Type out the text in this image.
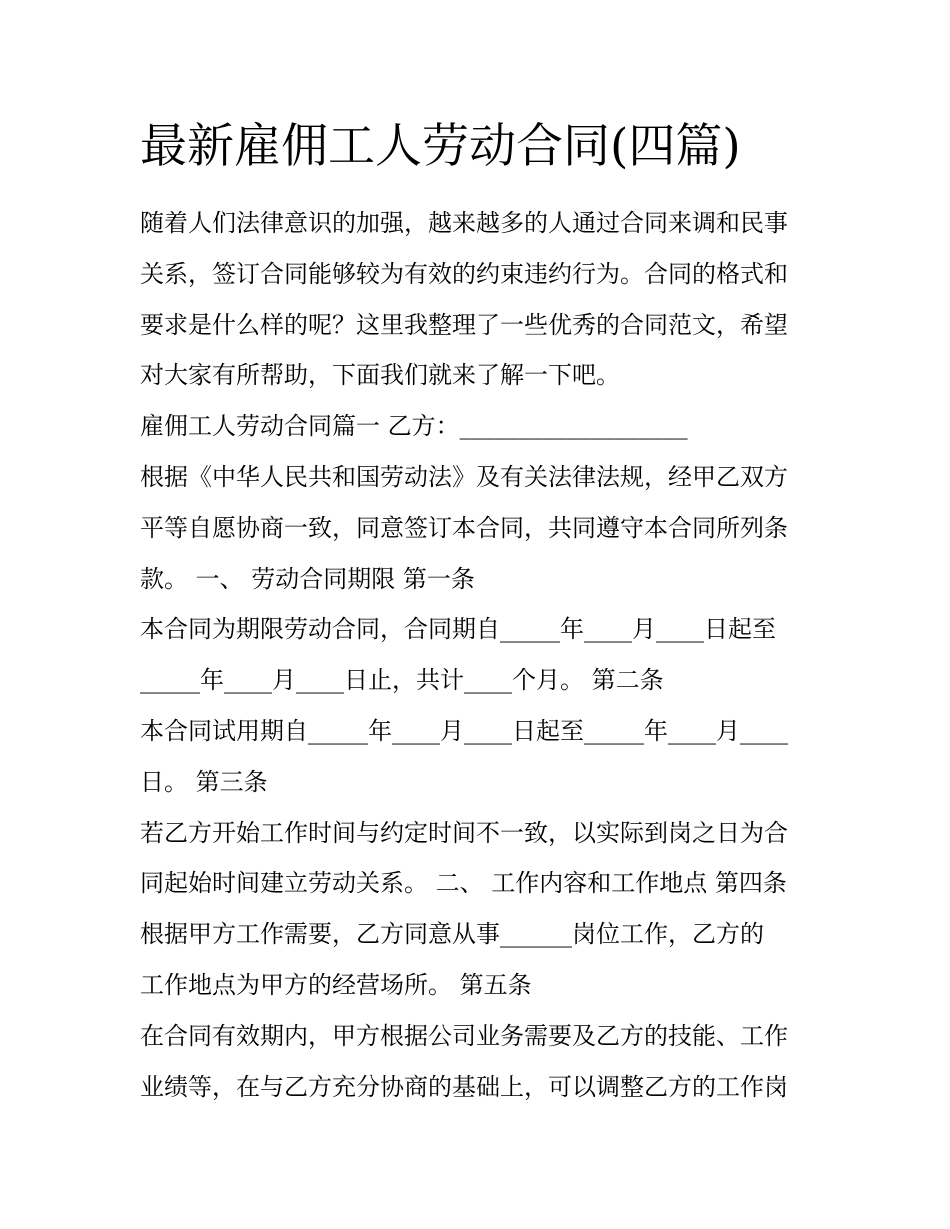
最新雇佣工人劳动合同(四篇)
随着人们法律意识的加强，越来越多的人通过合同来调和民事
关系，签订合同能够较为有效的约束违约行为。合同的格式和
要求是什么样的呢？这里我整理了一些优秀的合同范文，希望
对大家有所帮助，下面我们就来了解一下吧。
雇佣工人劳动合同篇一 乙方：___________________
根据《中华人民共和国劳动法》及有关法律法规，经甲乙双方
平等自愿协商一致，同意签订本合同，共同遵守本合同所列条
款。 一、 劳动合同期限 第一条
本合同为期限劳动合同，合同期自_____年____月____日起至
_____年____月____日止，共计____个月。 第二条
本合同试用期自_____年____月____日起至_____年____月____
日。 第三条
若乙方开始工作时间与约定时间不一致，以实际到岗之日为合
同起始时间建立劳动关系。 二、 工作内容和工作地点 第四条
根据甲方工作需要，乙方同意从事______岗位工作，乙方的
工作地点为甲方的经营场所。 第五条
在合同有效期内，甲方根据公司业务需要及乙方的技能、工作
业绩等，在与乙方充分协商的基础上，可以调整乙方的工作岗
